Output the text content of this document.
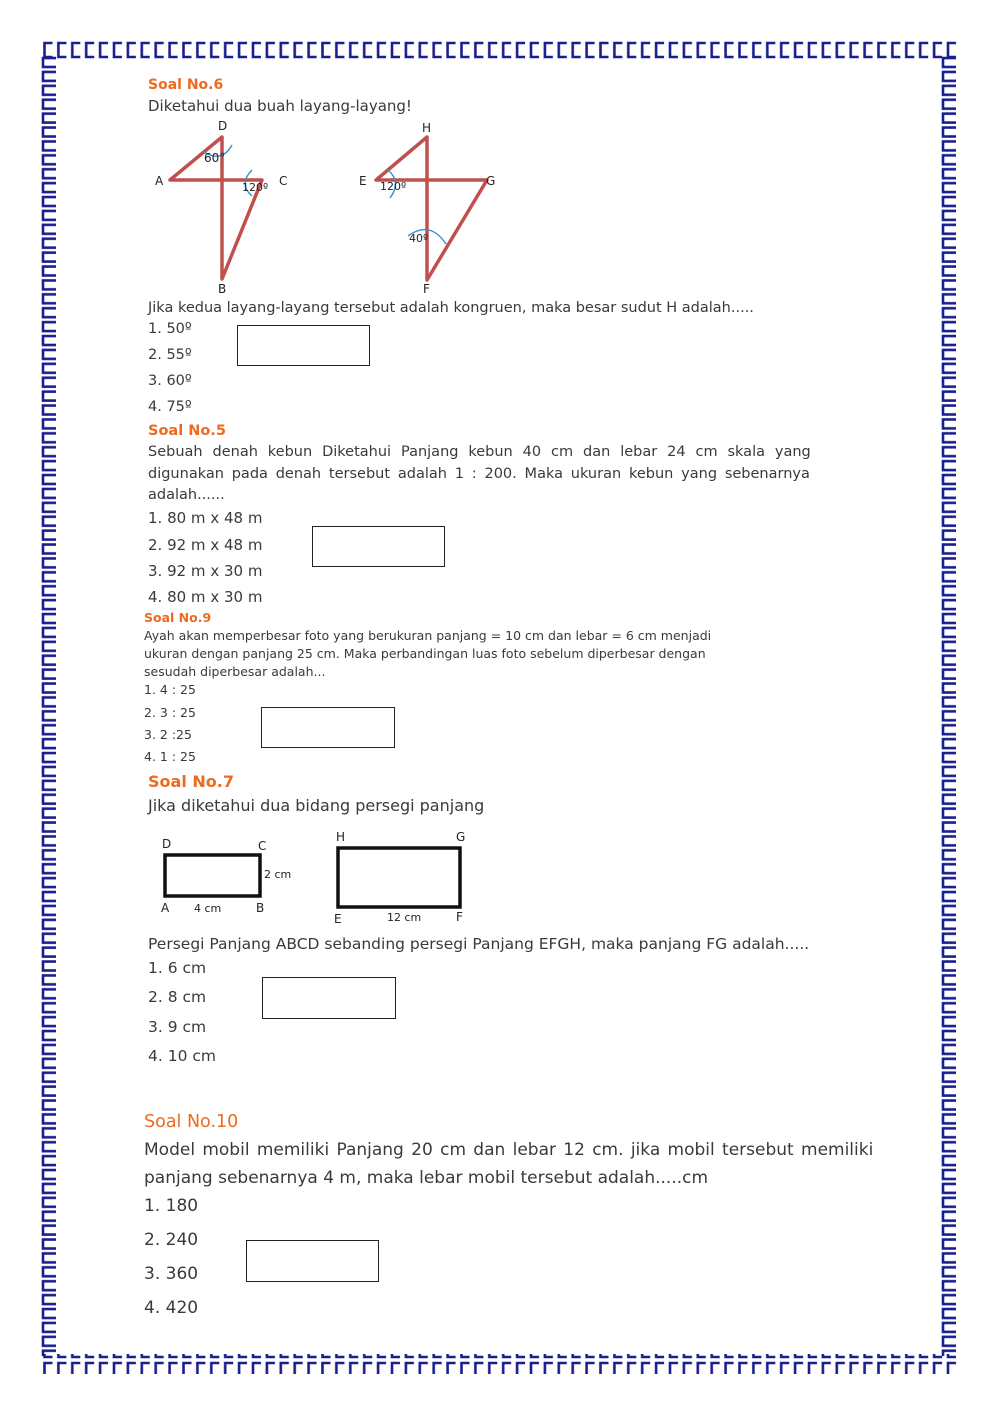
Soal No.6
Diketahui dua buah layang-layang!
D
A	C
B
60°
120º
H
E	G
F
120º
40º
Jika kedua layang-layang tersebut adalah kongruen, maka besar sudut H adalah.....
1. 50º
2. 55º
3. 60º
4. 75º
Soal No.5
Sebuah denah kebun Diketahui Panjang kebun 40 cm dan lebar 24 cm skala yang
digunakan pada denah tersebut adalah 1 : 200. Maka ukuran kebun yang sebenarnya
adalah......
1. 80 m x 48 m
2. 92 m x 48 m
3. 92 m x 30 m
4. 80 m x 30 m
Soal No.9
Ayah akan memperbesar foto yang berukuran panjang = 10 cm dan lebar = 6 cm menjadi
ukuran dengan panjang 25 cm. Maka perbandingan luas foto sebelum diperbesar dengan
sesudah diperbesar adalah...
1. 4 : 25
2. 3 : 25
3. 2 :25
4. 1 : 25
Soal No.7
Jika diketahui dua bidang persegi panjang
D	C
A	B
4 cm
2 cm
H	G
E	F
12 cm
Persegi Panjang ABCD sebanding persegi Panjang EFGH, maka panjang FG adalah.....
1. 6 cm
2. 8 cm
3. 9 cm
4. 10 cm
Soal No.10
Model mobil memiliki Panjang 20 cm dan lebar 12 cm. jika mobil tersebut memiliki
panjang sebenarnya 4 m, maka lebar mobil tersebut adalah.....cm
1. 180
2. 240
3. 360
4. 420
